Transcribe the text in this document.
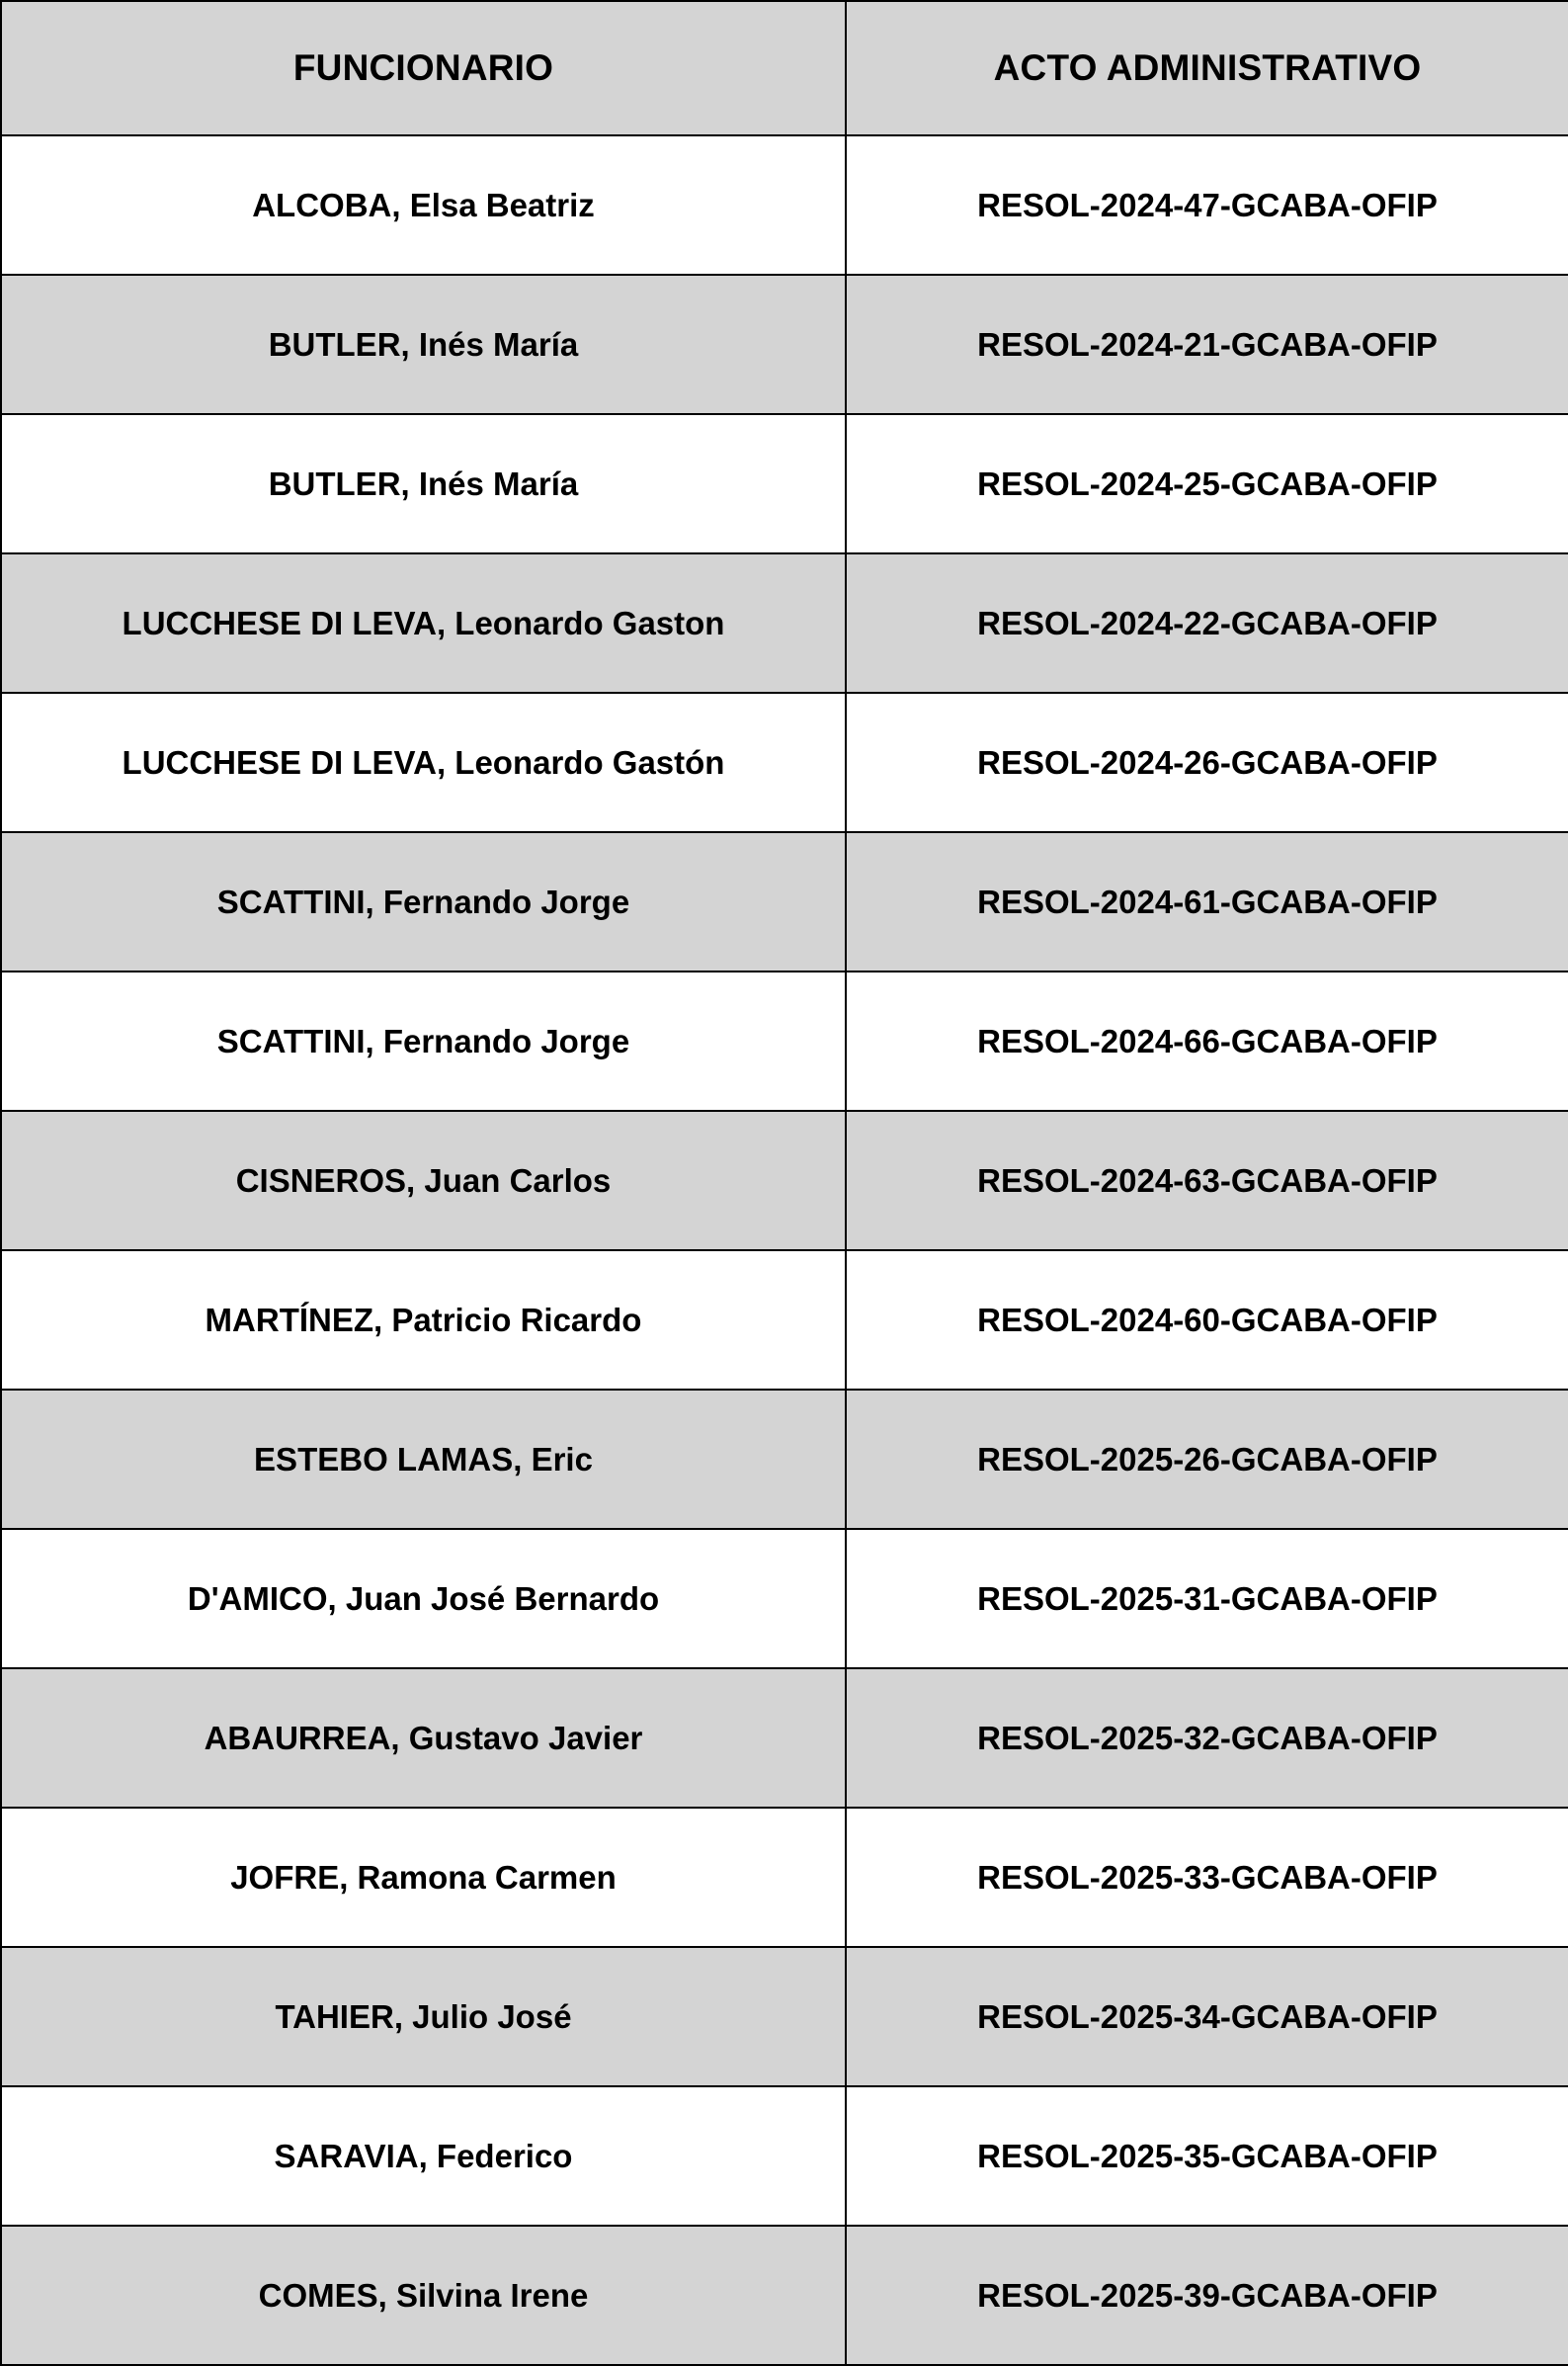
FUNCIONARIO	ACTO ADMINISTRATIVO
ALCOBA, Elsa Beatriz	RESOL-2024-47-GCABA-OFIP
BUTLER, Inés María	RESOL-2024-21-GCABA-OFIP
BUTLER, Inés María	RESOL-2024-25-GCABA-OFIP
LUCCHESE DI LEVA, Leonardo Gaston	RESOL-2024-22-GCABA-OFIP
LUCCHESE DI LEVA, Leonardo Gastón	RESOL-2024-26-GCABA-OFIP
SCATTINI, Fernando Jorge	RESOL-2024-61-GCABA-OFIP
SCATTINI, Fernando Jorge	RESOL-2024-66-GCABA-OFIP
CISNEROS, Juan Carlos	RESOL-2024-63-GCABA-OFIP
MARTÍNEZ, Patricio Ricardo	RESOL-2024-60-GCABA-OFIP
ESTEBO LAMAS, Eric	RESOL-2025-26-GCABA-OFIP
D'AMICO, Juan José Bernardo	RESOL-2025-31-GCABA-OFIP
ABAURREA, Gustavo Javier	RESOL-2025-32-GCABA-OFIP
JOFRE, Ramona Carmen	RESOL-2025-33-GCABA-OFIP
TAHIER, Julio José	RESOL-2025-34-GCABA-OFIP
SARAVIA, Federico	RESOL-2025-35-GCABA-OFIP
COMES, Silvina Irene	RESOL-2025-39-GCABA-OFIP
